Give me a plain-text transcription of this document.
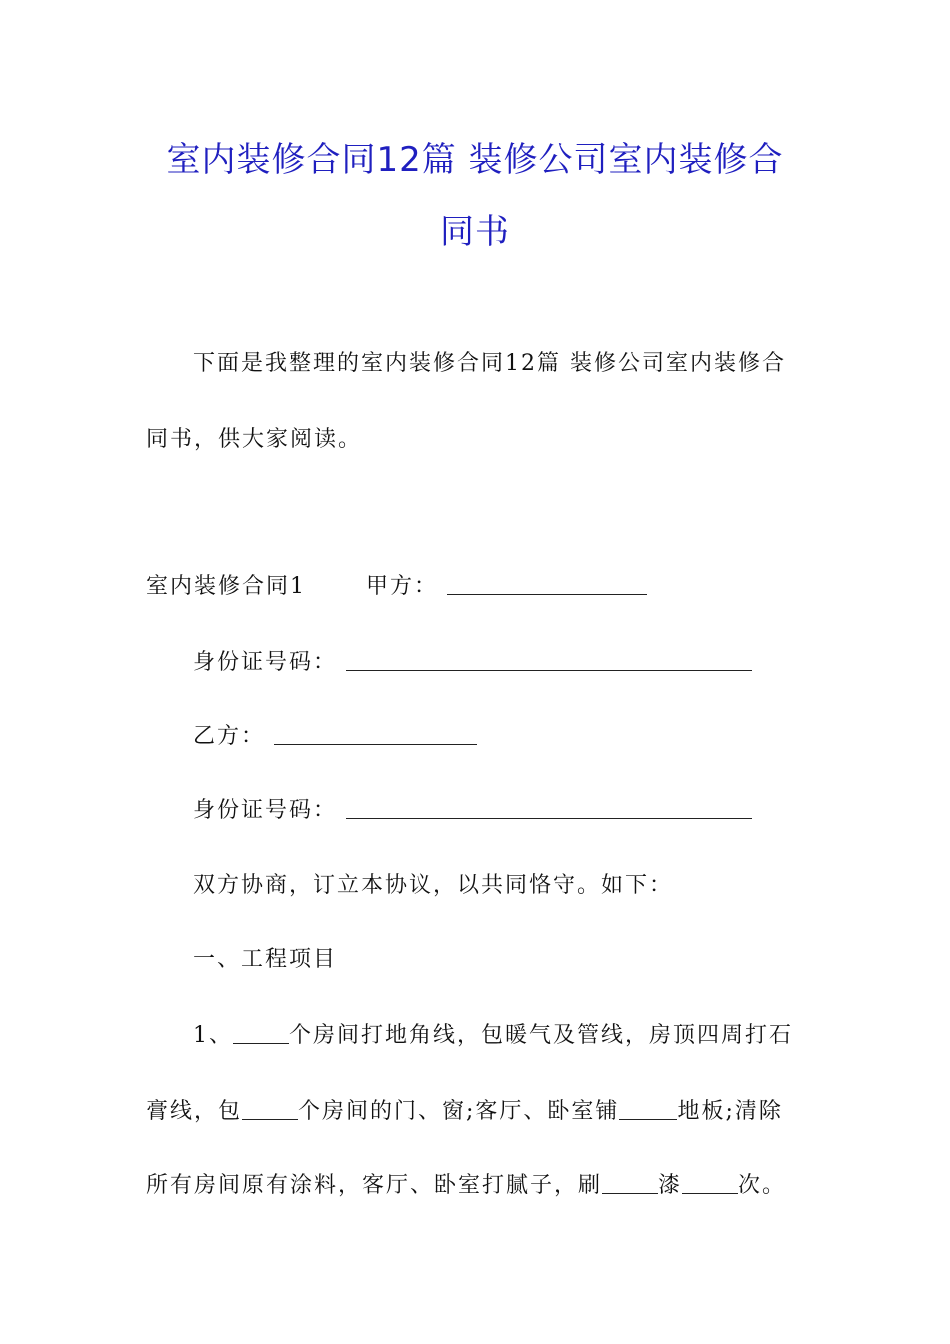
室内装修合同12篇 装修公司室内装修合
同书
下面是我整理的室内装修合同12篇 装修公司室内装修合
同书，供大家阅读。
室内装修合同1	甲方：
身份证号码：
乙方：
身份证号码：
双方协商，订立本协议，以共同恪守。如下：
一、工程项目
1、	个房间打地角线，包暖气及管线，房顶四周打石
膏线，包	个房间的门、窗;客厅、卧室铺	地板;清除
所有房间原有涂料，客厅、卧室打腻子，刷	漆	次。
